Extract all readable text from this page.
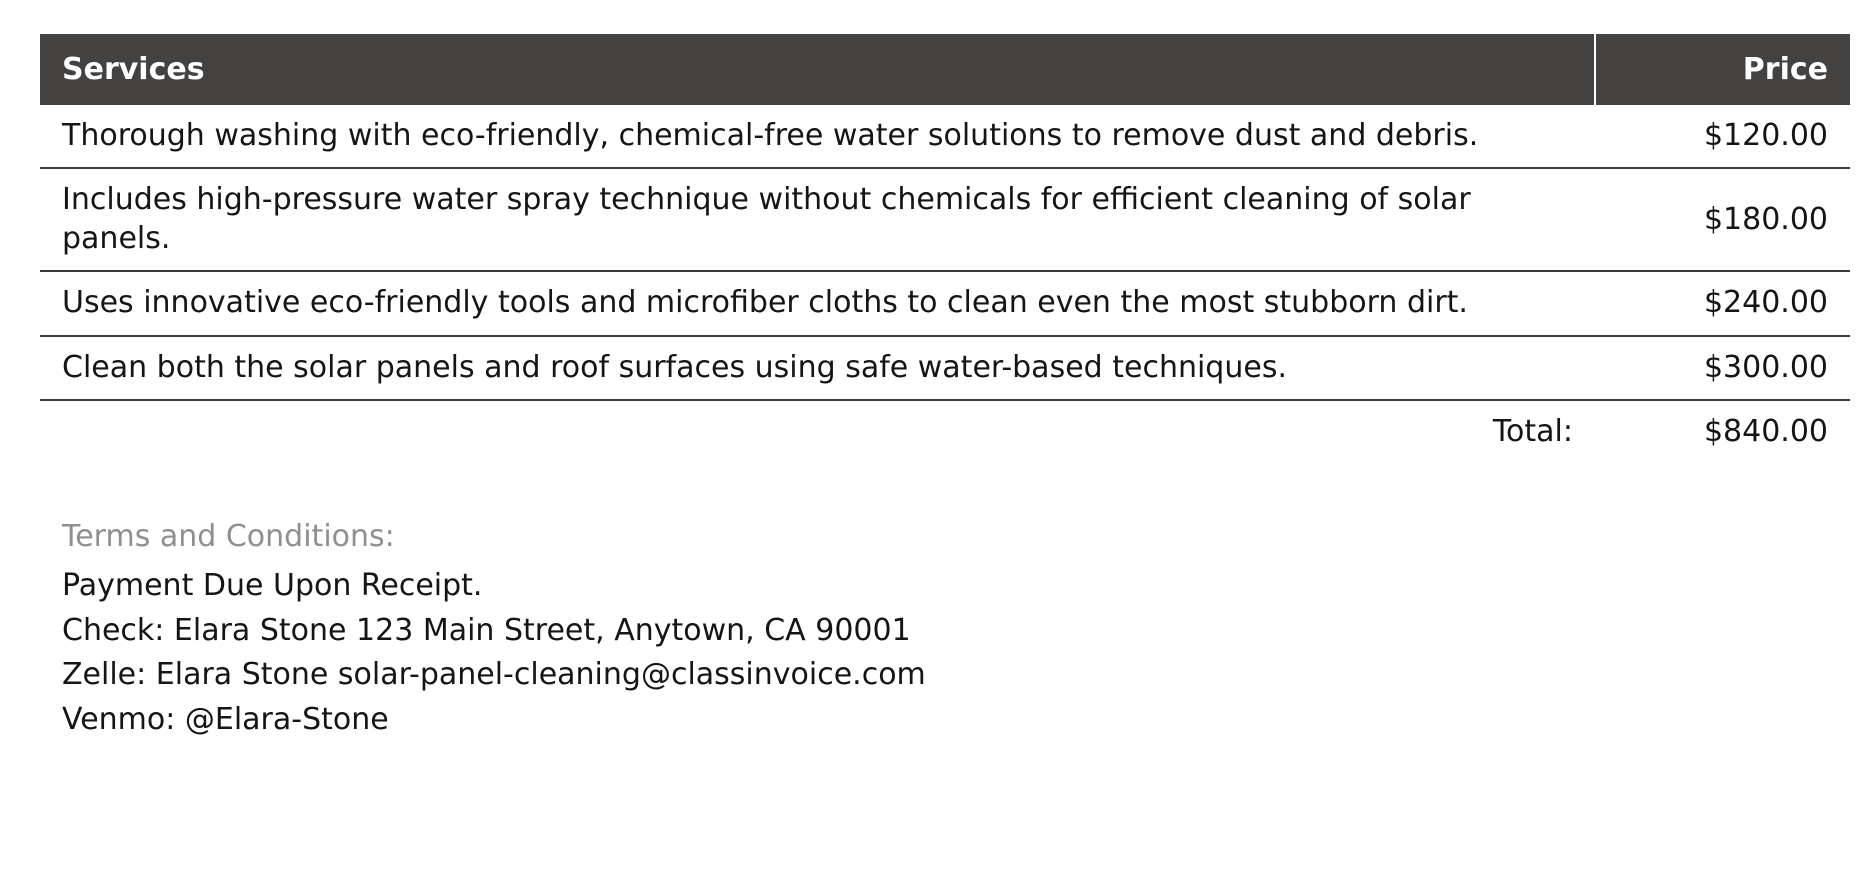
Services	Price
Thorough washing with eco-friendly, chemical-free water solutions to remove dust and debris.	$120.00
Includes high-pressure water spray technique without chemicals for efficient cleaning of solar panels.	$180.00
Uses innovative eco-friendly tools and microfiber cloths to clean even the most stubborn dirt.	$240.00
Clean both the solar panels and roof surfaces using safe water-based techniques.	$300.00
Total:	$840.00
Terms and Conditions:
Payment Due Upon Receipt.
Check: Elara Stone 123 Main Street, Anytown, CA 90001
Zelle: Elara Stone solar-panel-cleaning@classinvoice.com
Venmo: @Elara-Stone
